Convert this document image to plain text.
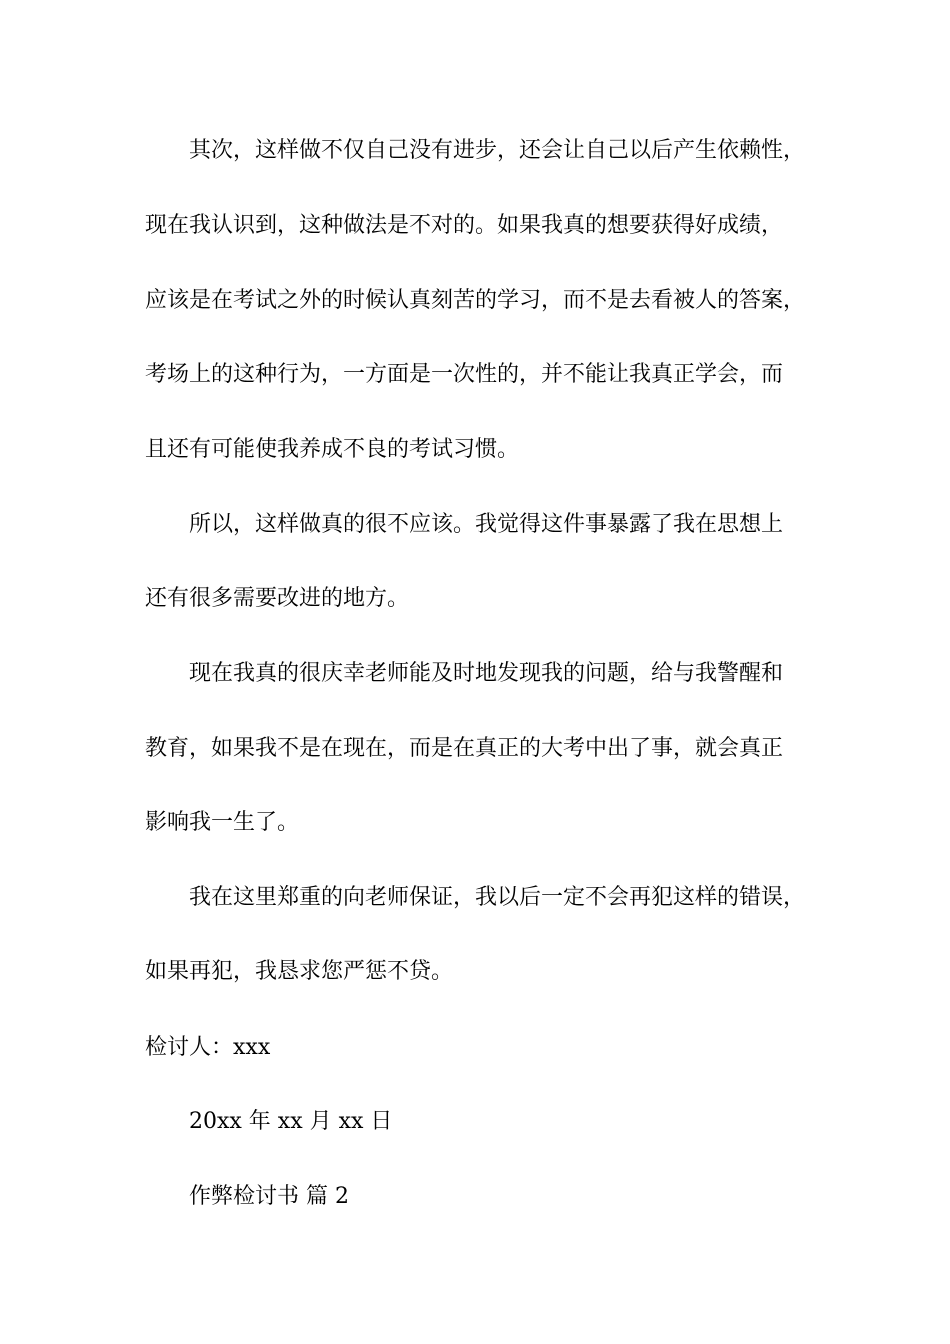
其次，这样做不仅自己没有进步，还会让自己以后产生依赖性，
现在我认识到，这种做法是不对的。如果我真的想要获得好成绩，
应该是在考试之外的时候认真刻苦的学习，而不是去看被人的答案，
考场上的这种行为，一方面是一次性的，并不能让我真正学会，而
且还有可能使我养成不良的考试习惯。
所以，这样做真的很不应该。我觉得这件事暴露了我在思想上
还有很多需要改进的地方。
现在我真的很庆幸老师能及时地发现我的问题，给与我警醒和
教育，如果我不是在现在，而是在真正的大考中出了事，就会真正
影响我一生了。
我在这里郑重的向老师保证，我以后一定不会再犯这样的错误，
如果再犯，我恳求您严惩不贷。
检讨人：xxx
20xx 年 xx 月 xx 日
作弊检讨书 篇 2
